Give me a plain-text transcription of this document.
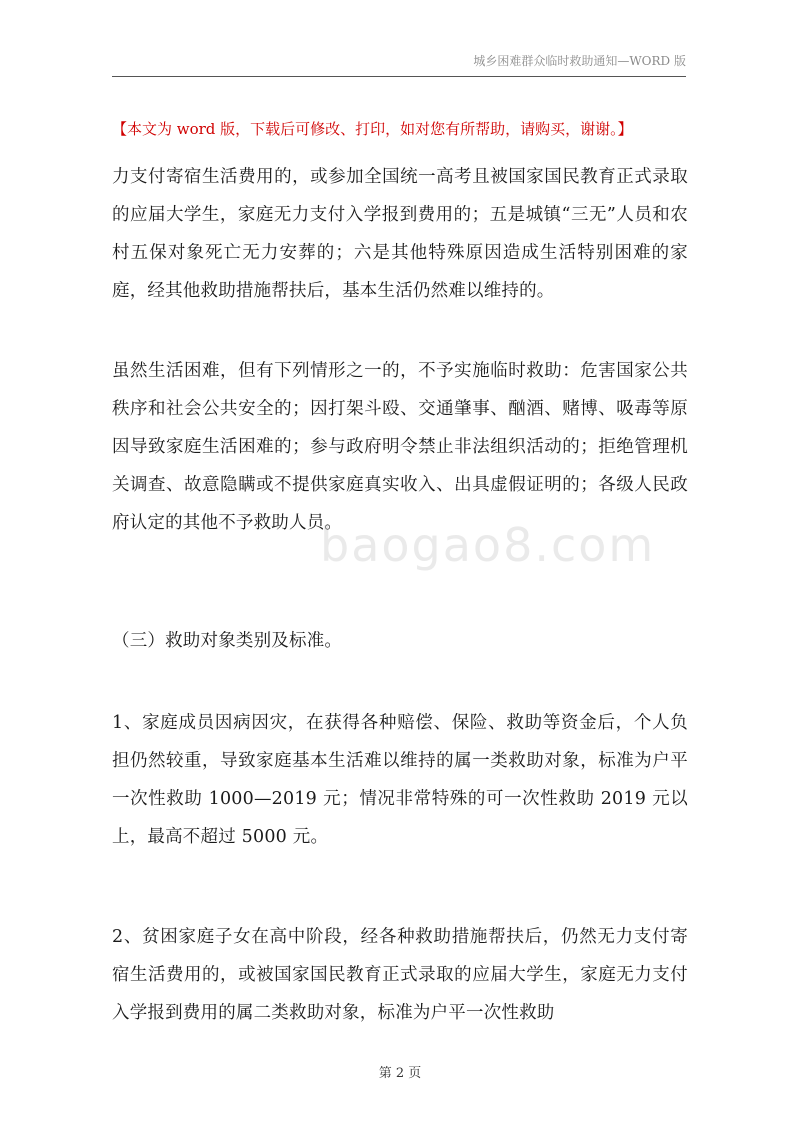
城乡困难群众临时救助通知—WORD 版
【本文为 word 版，下载后可修改、打印，如对您有所帮助，请购买，谢谢。】
力支付寄宿生活费用的，或参加全国统一高考且被国家国民教育正式录取的应届大学生，家庭无力支付入学报到费用的；五是城镇“三无”人员和农村五保对象死亡无力安葬的；六是其他特殊原因造成生活特别困难的家庭，经其他救助措施帮扶后，基本生活仍然难以维持的。
虽然生活困难，但有下列情形之一的，不予实施临时救助：危害国家公共秩序和社会公共安全的；因打架斗殴、交通肇事、酗酒、赌博、吸毒等原因导致家庭生活困难的；参与政府明令禁止非法组织活动的；拒绝管理机关调查、故意隐瞒或不提供家庭真实收入、出具虚假证明的；各级人民政府认定的其他不予救助人员。
（三）救助对象类别及标准。
1、家庭成员因病因灾，在获得各种赔偿、保险、救助等资金后，个人负担仍然较重，导致家庭基本生活难以维持的属一类救助对象，标准为户平一次性救助 1000—2019 元；情况非常特殊的可一次性救助 2019 元以上，最高不超过 5000 元。
2、贫困家庭子女在高中阶段，经各种救助措施帮扶后，仍然无力支付寄宿生活费用的，或被国家国民教育正式录取的应届大学生，家庭无力支付入学报到费用的属二类救助对象，标准为户平一次性救助
baogao8.com
第 2 页
